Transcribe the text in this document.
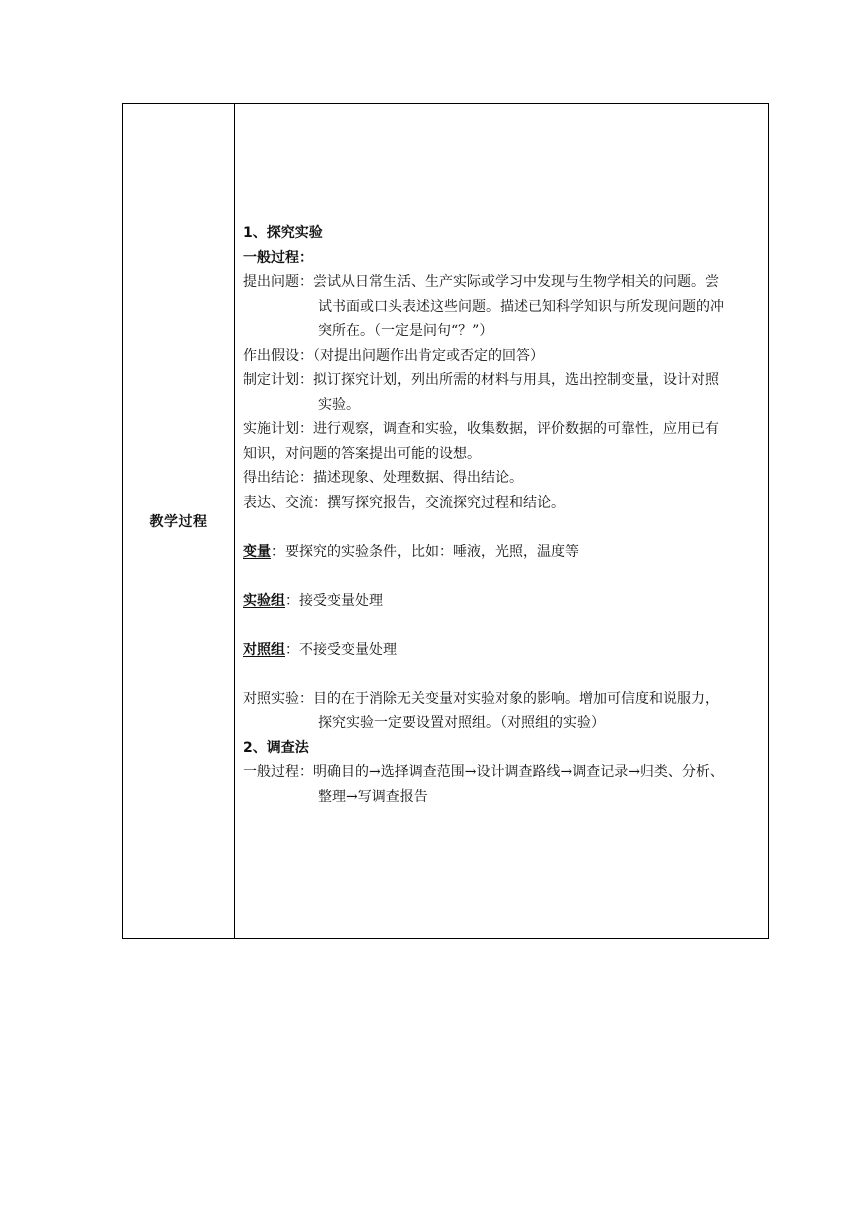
教学过程
1、探究实验
一般过程：
提出问题：尝试从日常生活、生产实际或学习中发现与生物学相关的问题。尝
试书面或口头表述这些问题。描述已知科学知识与所发现问题的冲
突所在。（一定是问句“？”）
作出假设：（对提出问题作出肯定或否定的回答）
制定计划：拟订探究计划，列出所需的材料与用具，选出控制变量，设计对照
实验。
实施计划：进行观察，调查和实验，收集数据，评价数据的可靠性，应用已有
知识，对问题的答案提出可能的设想。
得出结论：描述现象、处理数据、得出结论。
表达、交流：撰写探究报告，交流探究过程和结论。
变量：要探究的实验条件，比如：唾液，光照，温度等
实验组：接受变量处理
对照组：不接受变量处理
对照实验：目的在于消除无关变量对实验对象的影响。增加可信度和说服力，
探究实验一定要设置对照组。（对照组的实验）
2、调查法
一般过程：明确目的→选择调查范围→设计调查路线→调查记录→归类、分析、
整理→写调查报告
